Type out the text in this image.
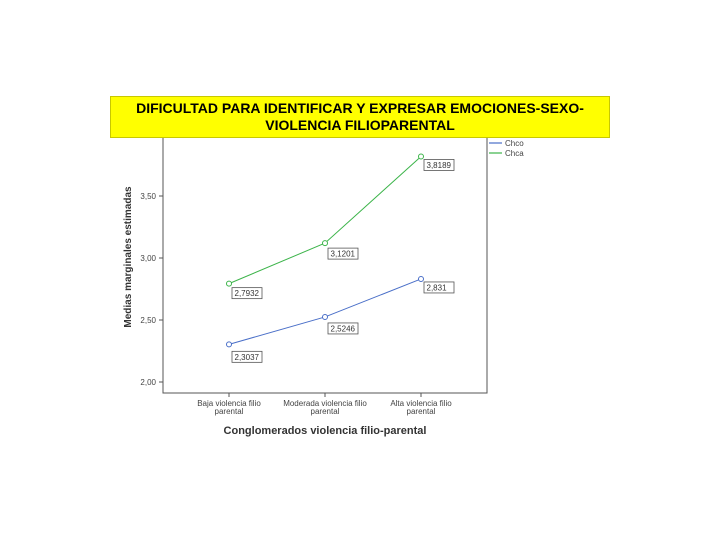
DIFICULTAD PARA IDENTIFICAR Y EXPRESAR EMOCIONES-SEXO-
VIOLENCIA FILIOPARENTAL
2,00
2,50
3,00
3,50
Baja violencia filio
parental
Moderada violencia filio
parental
Alta violencia filio
parental
Medias marginales estimadas
Conglomerados violencia filio-parental
Chco
Chca
2,3037
2,5246
2,831
2,7932
3,1201
3,8189
